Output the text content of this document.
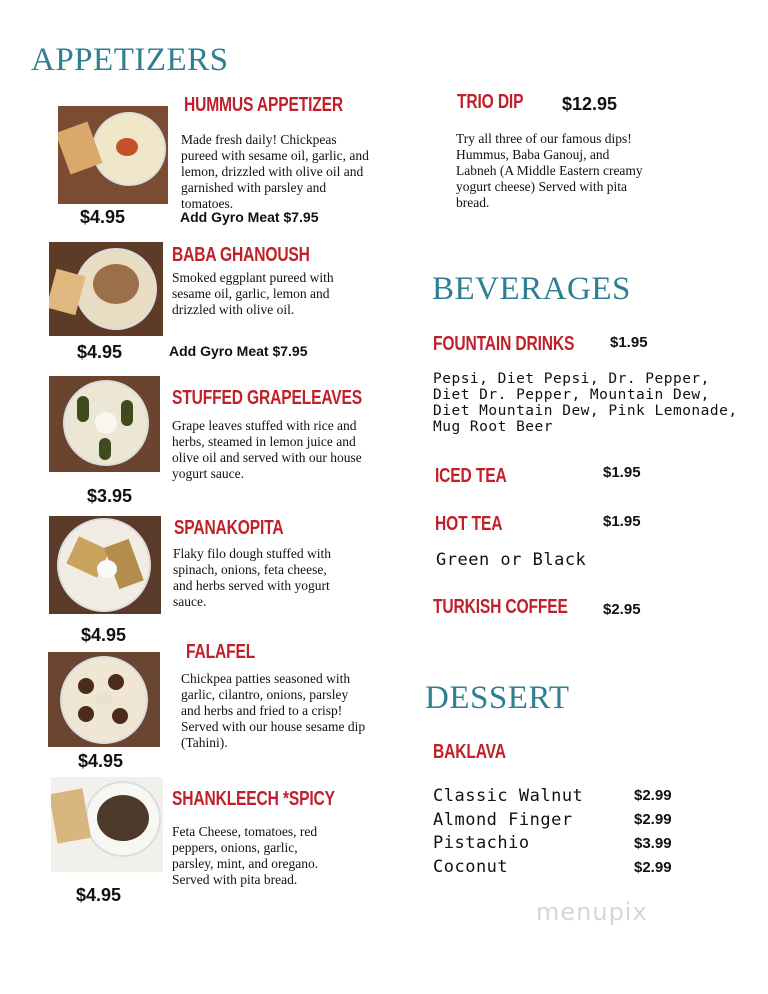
APPETIZERS
HUMMUS APPETIZER
Made fresh daily! Chickpeas pureed with sesame oil, garlic, and lemon, drizzled with olive oil and garnished with parsley and tomatoes.
$4.95	Add Gyro Meat $7.95
BABA GHANOUSH
Smoked eggplant pureed with sesame oil, garlic, lemon and drizzled with olive oil.
$4.95	Add Gyro Meat $7.95
STUFFED GRAPELEAVES
Grape leaves stuffed with rice and herbs, steamed in lemon juice and olive oil and served with our house yogurt sauce.
$3.95
SPANAKOPITA
Flaky filo dough stuffed with spinach, onions, feta cheese, and herbs served with yogurt sauce.
$4.95
FALAFEL
Chickpea patties seasoned with garlic, cilantro, onions, parsley and herbs and fried to a crisp! Served with our house sesame dip (Tahini).
$4.95
SHANKLEECH *SPICY
Feta Cheese, tomatoes, red peppers, onions, garlic, parsley, mint, and oregano. Served with pita bread.
$4.95
TRIO DIP $12.95
Try all three of our famous dips! Hummus, Baba Ganouj, and Labneh (A Middle Eastern creamy yogurt cheese) Served with pita bread.
BEVERAGES
FOUNTAIN DRINKS $1.95
Pepsi, Diet Pepsi, Dr. Pepper, Diet Dr. Pepper, Mountain Dew, Diet Mountain Dew, Pink Lemonade, Mug Root Beer
ICED TEA	$1.95
HOT TEA	$1.95
Green or Black
TURKISH COFFEE $2.95
DESSERT
BAKLAVA
Classic Walnut	$2.99
Almond Finger	$2.99
Pistachio	$3.99
Coconut	$2.99
menupix
